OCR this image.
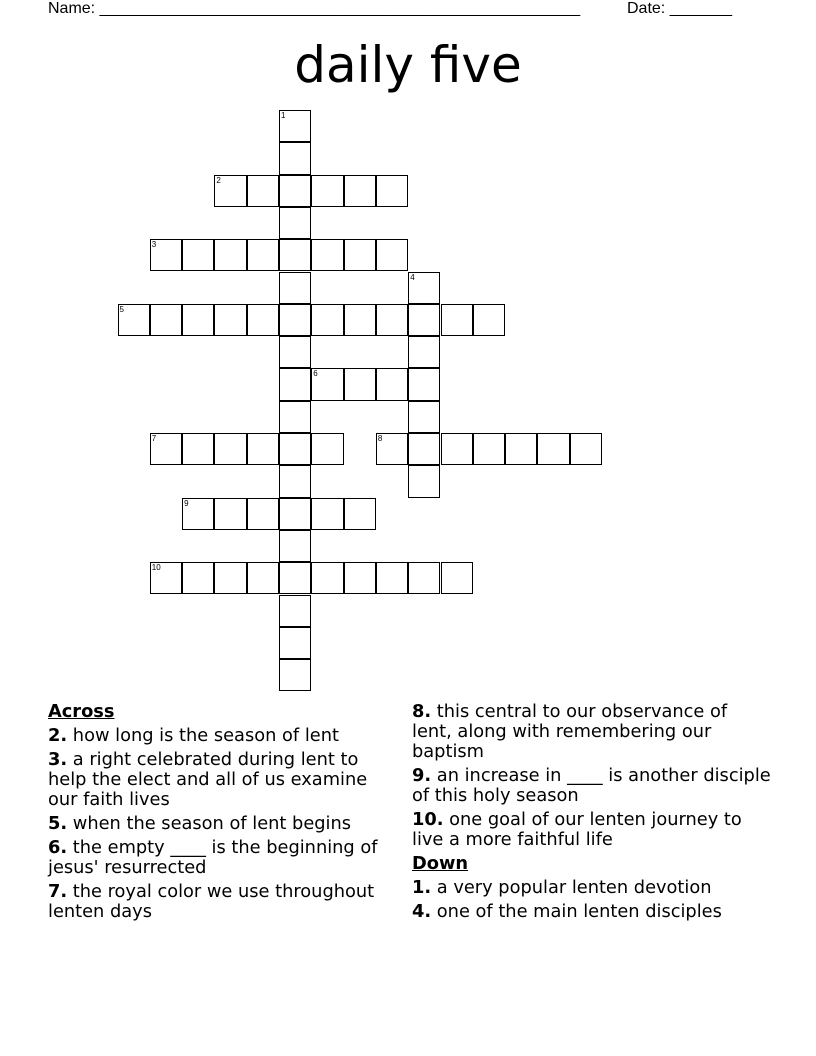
Name: ______________________________________________________	Date: _______
daily five
1
2
3
4
5
6
7	8
9
10
Across
2. how long is the season of lent
3. a right celebrated during lent to help the elect and all of us examine our faith lives
5. when the season of lent begins
6. the empty ____ is the beginning of jesus' resurrected
7. the royal color we use throughout lenten days
8. this central to our observance of lent, along with remembering our baptism
9. an increase in ____ is another disciple of this holy season
10. one goal of our lenten journey to live a more faithful life
Down
1. a very popular lenten devotion
4. one of the main lenten disciples
